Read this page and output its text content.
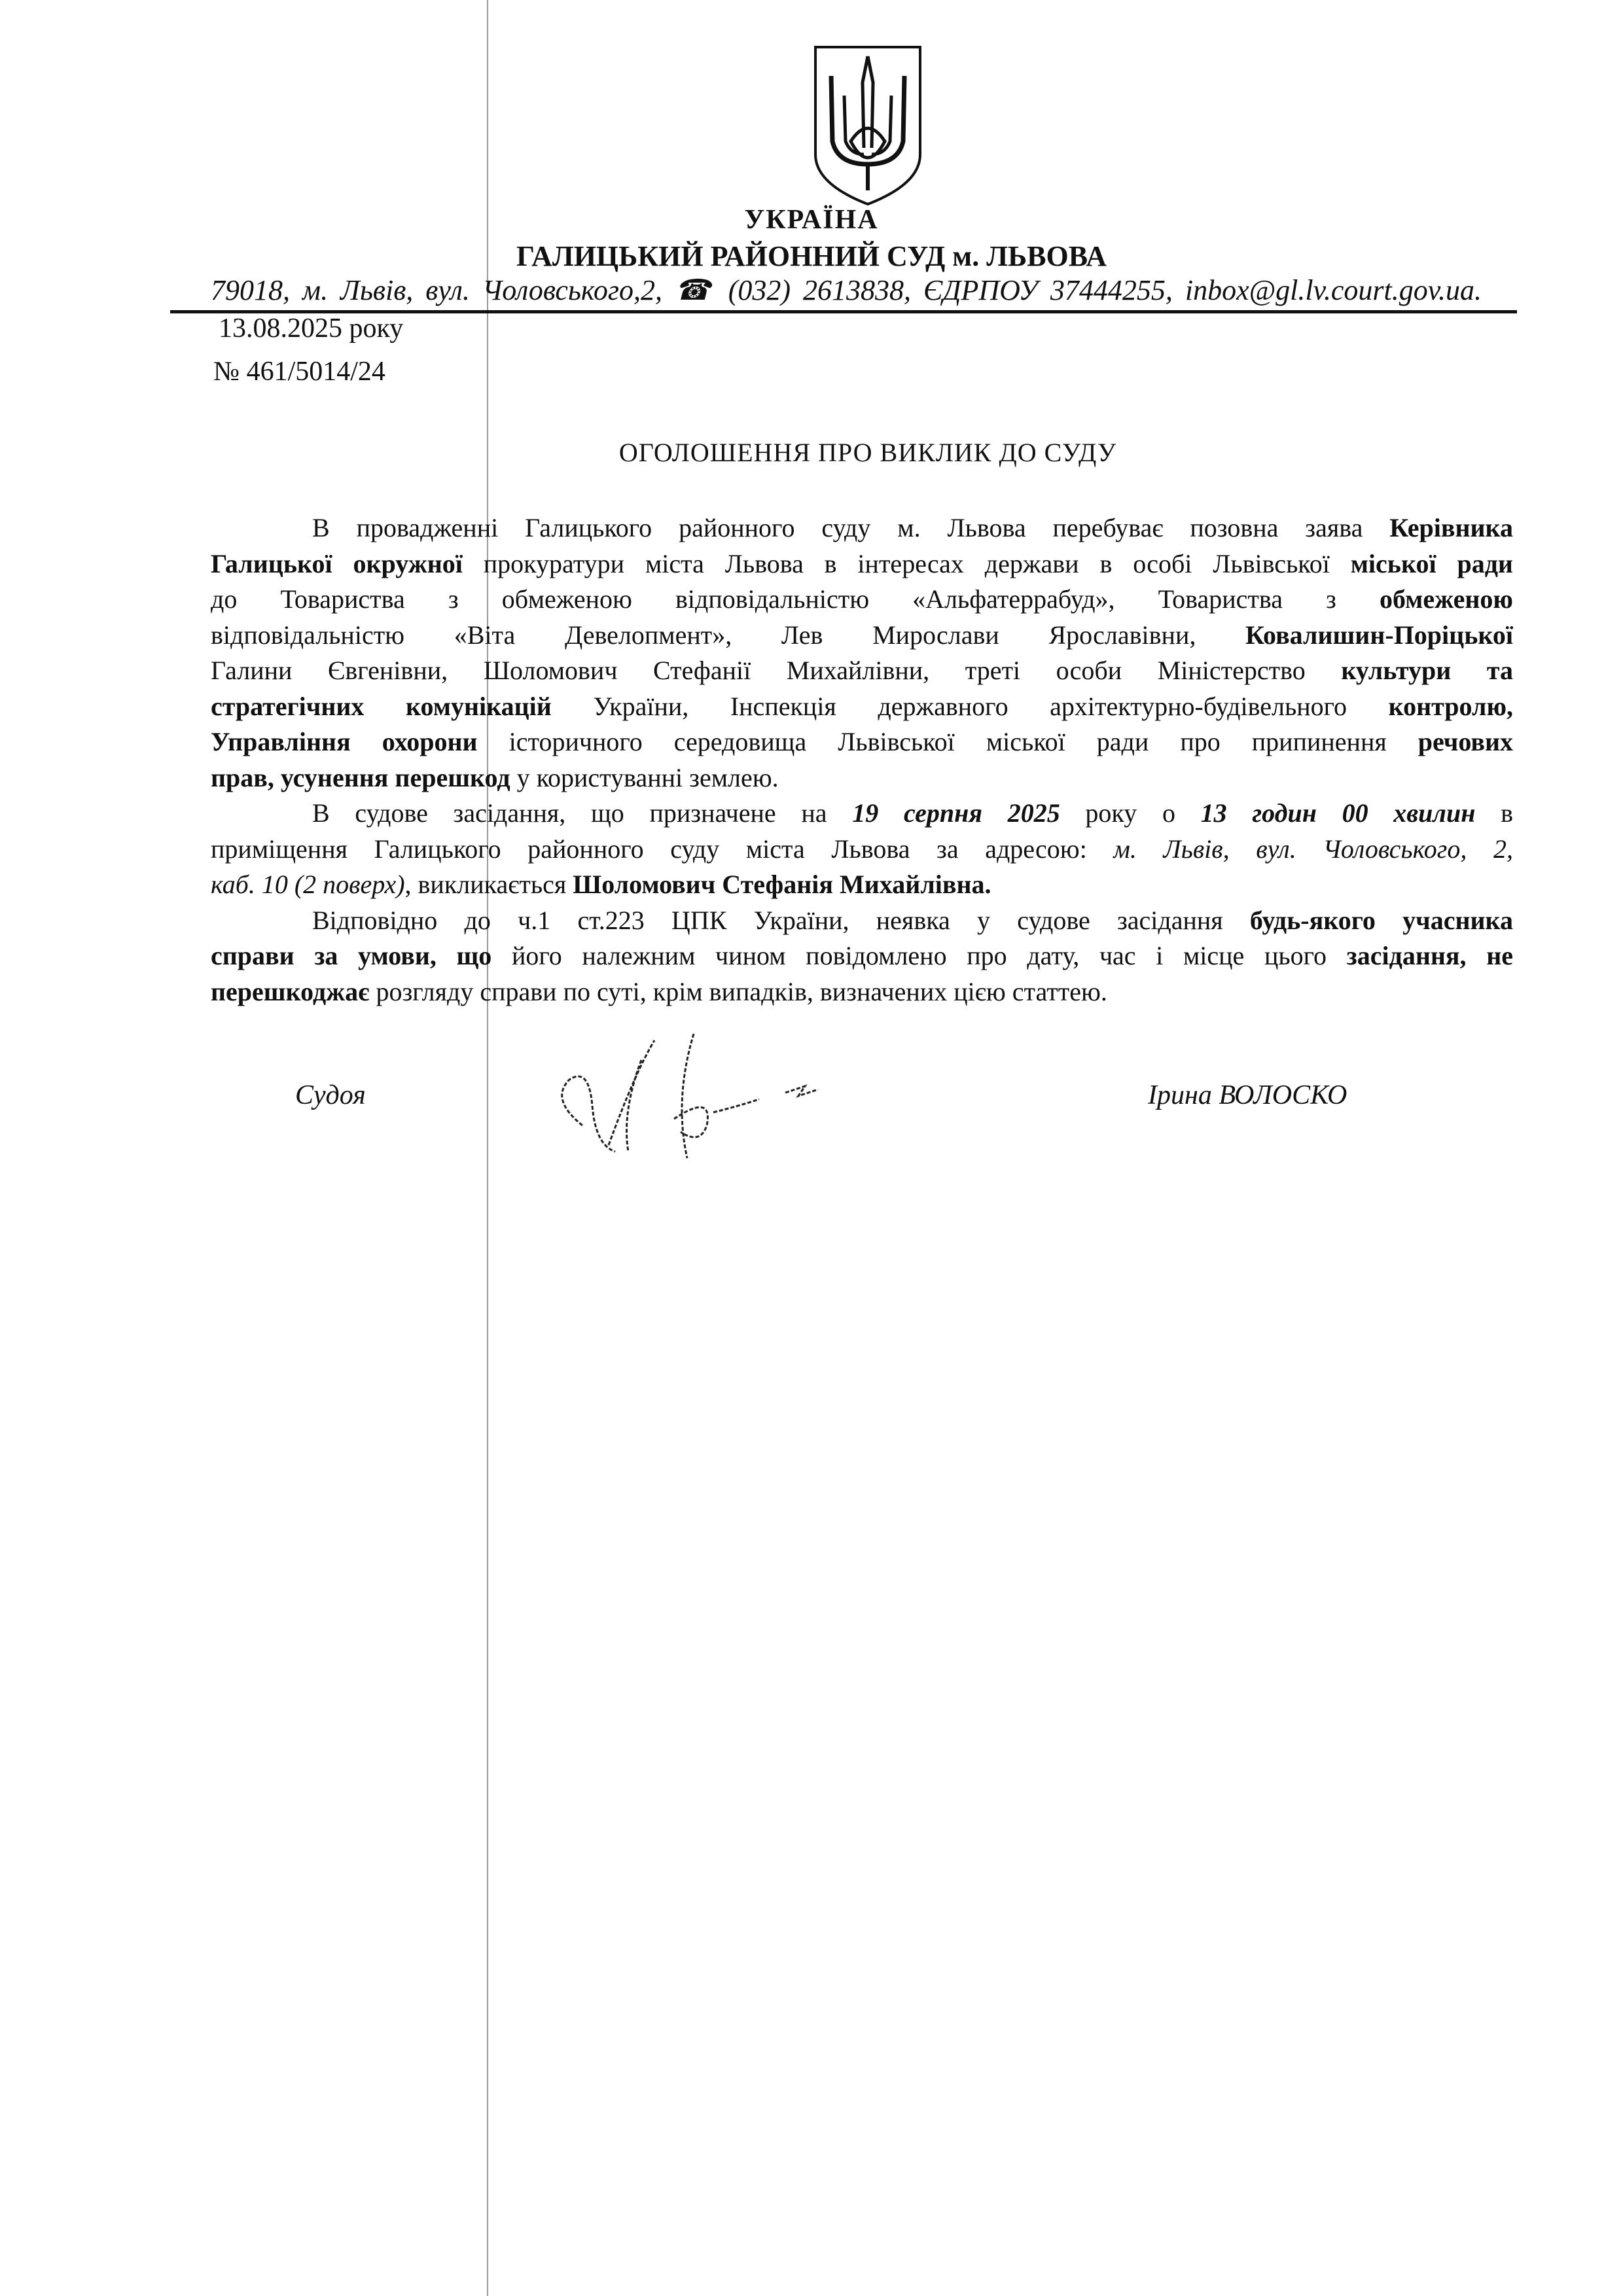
УКРАЇНА
ГАЛИЦЬКИЙ РАЙОННИЙ СУД м. ЛЬВОВА
79018, м. Львів, вул. Чоловського,2, ☎ (032) 2613838, ЄДРПОУ 37444255, inbox@gl.lv.court.gov.ua.
13.08.2025 року
№ 461/5014/24
ОГОЛОШЕННЯ ПРО ВИКЛИК ДО СУДУ
В провадженні Галицького районного суду м. Львова перебуває позовна заява Керівника
Галицької окружної прокуратури міста Львова в інтересах держави в особі Львівської міської ради
до Товариства з обмеженою відповідальністю «Альфатеррабуд», Товариства з обмеженою
відповідальністю «Віта Девелопмент», Лев Мирослави Ярославівни, Ковалишин-Поріцької
Галини Євгенівни, Шоломович Стефанії Михайлівни, треті особи Міністерство культури та
стратегічних комунікацій України, Інспекція державного архітектурно-будівельного контролю,
Управління охорони історичного середовища Львівської міської ради про припинення речових
прав, усунення перешкод у користуванні землею.
В судове засідання, що призначене на 19 серпня 2025 року о 13 годин 00 хвилин в
приміщення Галицького районного суду міста Львова за адресою: м. Львів, вул. Чоловського, 2,
каб. 10 (2 поверх), викликається Шоломович Стефанія Михайлівна.
Відповідно до ч.1 ст.223 ЦПК України, неявка у судове засідання будь-якого учасника
справи за умови, що його належним чином повідомлено про дату, час і місце цього засідання, не
перешкоджає розгляду справи по суті, крім випадків, визначених цією статтею.
Судоя	Ірина ВОЛОСКО
